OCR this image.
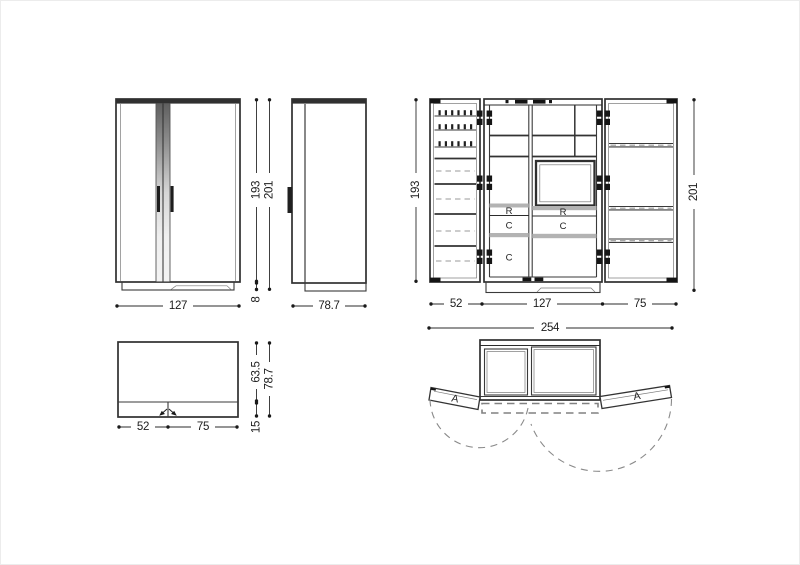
R
C
C
R
C
A	A
193 201
8
127	78.7
193	201
52	127	75
254
63.5 78.7
15
52	75
